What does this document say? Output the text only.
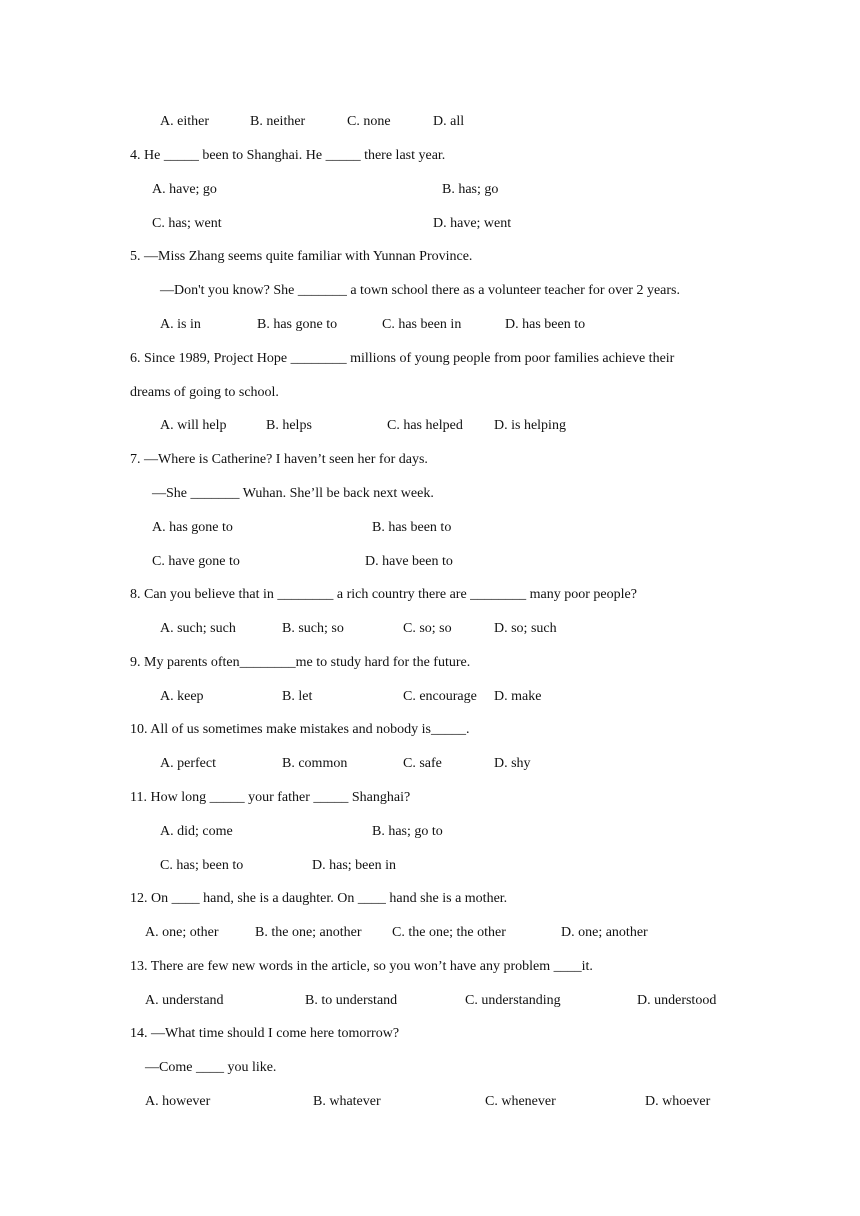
A. either	B. neither	C. none	D. all
4. He _____ been to Shanghai. He _____ there last year.
A. have; go	B. has; go
C. has; went	D. have; went
5. —Miss Zhang seems quite familiar with Yunnan Province.
—Don't you know? She _______ a town school there as a volunteer teacher for over 2 years.
A. is in	B. has gone to	C. has been in	D. has been to
6. Since 1989, Project Hope ________ millions of young people from poor families achieve their
dreams of going to school.
A. will help	B. helps	C. has helped D. is helping
7. —Where is Catherine? I haven’t seen her for days.
—She _______ Wuhan. She’ll be back next week.
A. has gone to	B. has been to
C. have gone to	D. have been to
8. Can you believe that in ________ a rich country there are ________ many poor people?
A. such; such	B. such; so	C. so; so	D. so; such
9. My parents often________me to study hard for the future.
A. keep	B. let	C. encourage D. make
10. All of us sometimes make mistakes and nobody is_____.
A. perfect	B. common	C. safe	D. shy
11. How long _____ your father _____ Shanghai?
A. did; come	B. has; go to
C. has; been to	D. has; been in
12. On ____ hand, she is a daughter. On ____ hand she is a mother.
A. one; other	B. the one; another C. the one; the other	D. one; another
13. There are few new words in the article, so you won’t have any problem ____it.
A. understand	B. to understand	C. understanding	D. understood
14. —What time should I come here tomorrow?
—Come ____ you like.
A. however	B. whatever	C. whenever	D. whoever
